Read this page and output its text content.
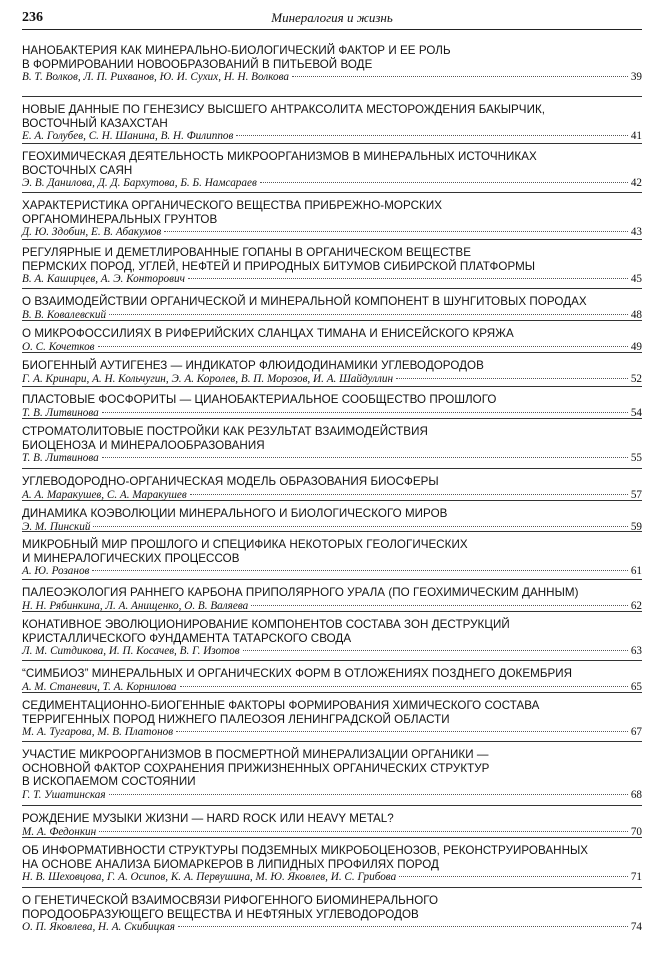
236	Минералогия и жизнь
НАНОБАКТЕРИЯ КАК МИНЕРАЛЬНО-БИОЛОГИЧЕСКИЙ ФАКТОР И ЕЕ РОЛЬ
В ФОРМИРОВАНИИ НОВООБРАЗОВАНИЙ В ПИТЬЕВОЙ ВОДЕ
В. Т. Волков, Л. П. Рихванов, Ю. И. Сухих, Н. Н. Волкова	39
НОВЫЕ ДАННЫЕ ПО ГЕНЕЗИСУ ВЫСШЕГО АНТРАКСОЛИТА МЕСТОРОЖДЕНИЯ БАКЫРЧИК,
ВОСТОЧНЫЙ КАЗАХСТАН
Е. А. Голубев, С. Н. Шанина, В. Н. Филиппов	41
ГЕОХИМИЧЕСКАЯ ДЕЯТЕЛЬНОСТЬ МИКРООРГАНИЗМОВ В МИНЕРАЛЬНЫХ ИСТОЧНИКАХ
ВОСТОЧНЫХ САЯН
Э. В. Данилова, Д. Д. Бархутова, Б. Б. Намсараев	42
ХАРАКТЕРИСТИКА ОРГАНИЧЕСКОГО ВЕЩЕСТВА ПРИБРЕЖНО-МОРСКИХ
ОРГАНОМИНЕРАЛЬНЫХ ГРУНТОВ
Д. Ю. Здобин, Е. В. Абакумов	43
РЕГУЛЯРНЫЕ И ДЕМЕТЛИРОВАННЫЕ ГОПАНЫ В ОРГАНИЧЕСКОМ ВЕЩЕСТВЕ
ПЕРМСКИХ ПОРОД, УГЛЕЙ, НЕФТЕЙ И ПРИРОДНЫХ БИТУМОВ СИБИРСКОЙ ПЛАТФОРМЫ
В. А. Каширцев, А. Э. Конторович	45
О ВЗАИМОДЕЙСТВИИ ОРГАНИЧЕСКОЙ И МИНЕРАЛЬНОЙ КОМПОНЕНТ В ШУНГИТОВЫХ ПОРОДАХ
В. В. Ковалевский	48
О МИКРОФОССИЛИЯХ В РИФЕРИЙСКИХ СЛАНЦАХ ТИМАНА И ЕНИСЕЙСКОГО КРЯЖА
О. С. Кочетков	49
БИОГЕННЫЙ АУТИГЕНЕЗ — ИНДИКАТОР ФЛЮИДОДИНАМИКИ УГЛЕВОДОРОДОВ
Г. А. Кринари, А. Н. Кольчугин, Э. А. Королев, В. П. Морозов, И. А. Шайдуллин	52
ПЛАСТОВЫЕ ФОСФОРИТЫ — ЦИАНОБАКТЕРИАЛЬНОЕ СООБЩЕСТВО ПРОШЛОГО
Т. В. Литвинова	54
СТРОМАТОЛИТОВЫЕ ПОСТРОЙКИ КАК РЕЗУЛЬТАТ ВЗАИМОДЕЙСТВИЯ
БИОЦЕНОЗА И МИНЕРАЛООБРАЗОВАНИЯ
Т. В. Литвинова	55
УГЛЕВОДОРОДНО-ОРГАНИЧЕСКАЯ МОДЕЛЬ ОБРАЗОВАНИЯ БИОСФЕРЫ
А. А. Маракушев, С. А. Маракушев	57
ДИНАМИКА КОЭВОЛЮЦИИ МИНЕРАЛЬНОГО И БИОЛОГИЧЕСКОГО МИРОВ
Э. М. Пинский	59
МИКРОБНЫЙ МИР ПРОШЛОГО И СПЕЦИФИКА НЕКОТОРЫХ ГЕОЛОГИЧЕСКИХ
И МИНЕРАЛОГИЧЕСКИХ ПРОЦЕССОВ
А. Ю. Розанов	61
ПАЛЕОЭКОЛОГИЯ РАННЕГО КАРБОНА ПРИПОЛЯРНОГО УРАЛА (ПО ГЕОХИМИЧЕСКИМ ДАННЫМ)
Н. Н. Рябинкина, Л. А. Анищенко, О. В. Валяева	62
КОНАТИВНОЕ ЭВОЛЮЦИОНИРОВАНИЕ КОМПОНЕНТОВ СОСТАВА ЗОН ДЕСТРУКЦИЙ
КРИСТАЛЛИЧЕСКОГО ФУНДАМЕНТА ТАТАРСКОГО СВОДА
Л. М. Ситдикова, И. П. Косачев, В. Г. Изотов	63
“СИМБИОЗ” МИНЕРАЛЬНЫХ И ОРГАНИЧЕСКИХ ФОРМ В ОТЛОЖЕНИЯХ ПОЗДНЕГО ДОКЕМБРИЯ
А. М. Станевич, Т. А. Корнилова	65
СЕДИМЕНТАЦИОННО-БИОГЕННЫЕ ФАКТОРЫ ФОРМИРОВАНИЯ ХИМИЧЕСКОГО СОСТАВА
ТЕРРИГЕННЫХ ПОРОД НИЖНЕГО ПАЛЕОЗОЯ ЛЕНИНГРАДСКОЙ ОБЛАСТИ
М. А. Тугарова, М. В. Платонов	67
УЧАСТИЕ МИКРООРГАНИЗМОВ В ПОСМЕРТНОЙ МИНЕРАЛИЗАЦИИ ОРГАНИКИ —
ОСНОВНОЙ ФАКТОР СОХРАНЕНИЯ ПРИЖИЗНЕННЫХ ОРГАНИЧЕСКИХ СТРУКТУР
В ИСКОПАЕМОМ СОСТОЯНИИ
Г. Т. Ушатинская	68
РОЖДЕНИЕ МУЗЫКИ ЖИЗНИ — HARD ROCK ИЛИ HEAVY METAL?
М. А. Федонкин	70
ОБ ИНФОРМАТИВНОСТИ СТРУКТУРЫ ПОДЗЕМНЫХ МИКРОБОЦЕНОЗОВ, РЕКОНСТРУИРОВАННЫХ
НА ОСНОВЕ АНАЛИЗА БИОМАРКЕРОВ В ЛИПИДНЫХ ПРОФИЛЯХ ПОРОД
Н. В. Шеховцова, Г. А. Осипов, К. А. Первушина, М. Ю. Яковлев, И. С. Грибова	71
О ГЕНЕТИЧЕСКОЙ ВЗАИМОСВЯЗИ РИФОГЕННОГО БИОМИНЕРАЛЬНОГО
ПОРОДООБРАЗУЮЩЕГО ВЕЩЕСТВА И НЕФТЯНЫХ УГЛЕВОДОРОДОВ
О. П. Яковлева, Н. А. Скибицкая	74
